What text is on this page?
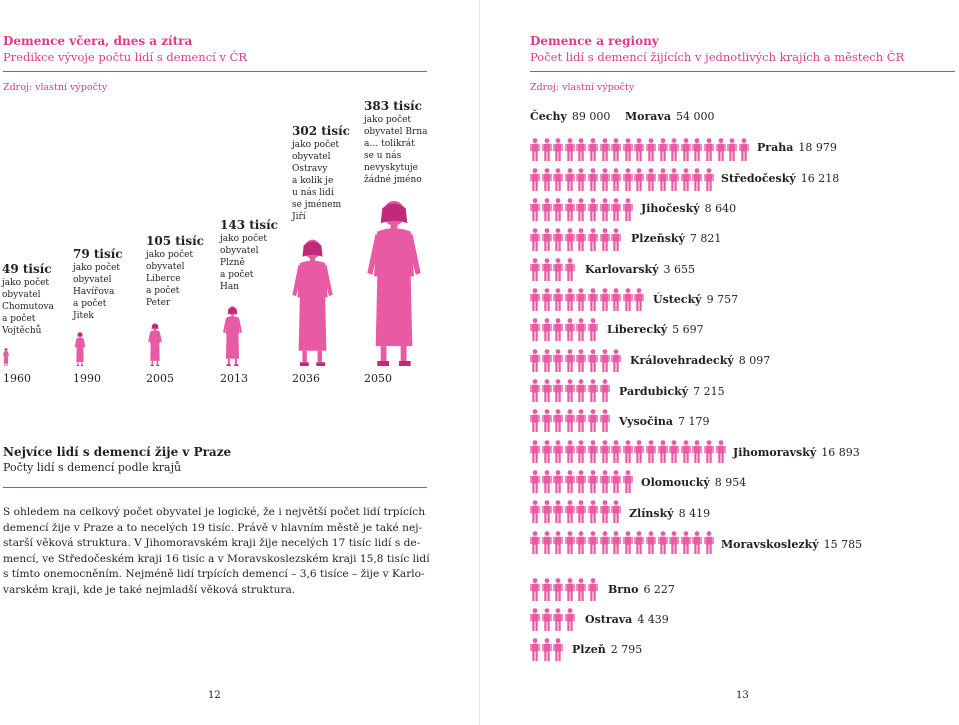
Demence včera, dnes a zítra
Predikce vývoje počtu lidí s demencí v ČR
Zdroj: vlastní výpočty
49 tisíc
jako počet
obyvatel
Chomutova
a počet
Vojtěchů
1960
79 tisíc
jako počet
obyvatel
Havířova
a počet
Jitek
1990
105 tisíc
jako počet
obyvatel
Liberce
a počet
Peter
2005
143 tisíc
jako počet
obyvatel
Plzně
a počet
Han
2013
302 tisíc
jako počet
obyvatel
Ostravy
a kolik je
u nás lidí
se jménem
Jiří
2036
383 tisíc
jako počet
obyvatel Brna
a… tolikrát
se u nás
nevyskytuje
žádné jméno
2050
Nejvíce lidí s demencí žije v Praze
Počty lidí s demencí podle krajů
S ohledem na celkový počet obyvatel je logické, že i největší počet lidí trpících
demencí žije v Praze a to necelých 19 tisíc. Právě v hlavním městě je také nej-
starší věková struktura. V Jihomoravském kraji žije necelých 17 tisíc lidí s de-
mencí, ve Středočeském kraji 16 tisíc a v Moravskoslezském kraji 15,8 tisíc lidí
s tímto onemocněním. Nejméně lidí trpících demencí – 3,6 tisíce – žije v Karlo-
varském kraji, kde je také nejmladší věková struktura.
12
Demence a regiony
Počet lidí s demencí žijících v jednotlivých krajích a městech ČR
Zdroj: vlastní výpočty
Čechy 89 000 Morava 54 000
Praha 18 979
Středočeský 16 218
Jihočeský 8 640
Plzeňský 7 821
Karlovarský 3 655
Ústecký 9 757
Liberecký 5 697
Královehradecký 8 097
Pardubický 7 215
Vysočina 7 179
Jihomoravský 16 893
Olomoucký 8 954
Zlínský 8 419
Moravskoslezký 15 785
Brno 6 227
Ostrava 4 439
Plzeň 2 795
13
